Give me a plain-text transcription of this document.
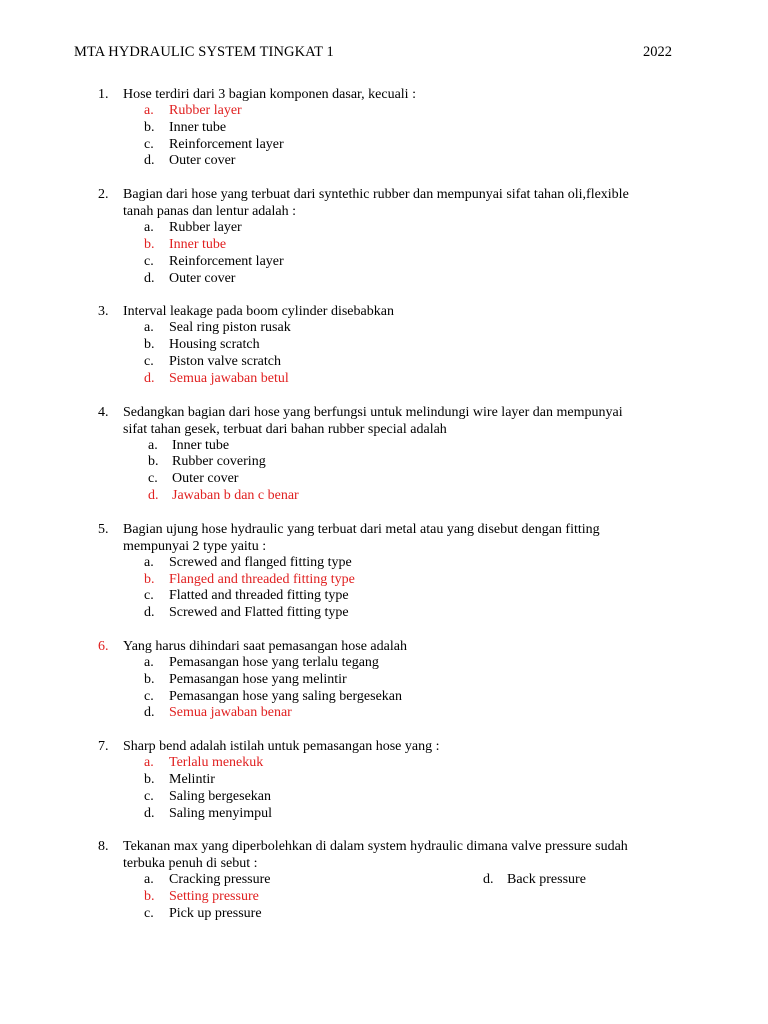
MTA HYDRAULIC SYSTEM TINGKAT 1	2022
1.	Hose terdiri dari 3 bagian komponen dasar, kecuali :
a.	Rubber layer
b.	Inner tube
c.	Reinforcement layer
d.	Outer cover
2.	Bagian dari hose yang terbuat dari syntethic rubber dan mempunyai sifat tahan oli,flexible
tanah panas dan lentur adalah :
a.	Rubber layer
b.	Inner tube
c.	Reinforcement layer
d.	Outer cover
3.	Interval leakage pada boom cylinder disebabkan
a.	Seal ring piston rusak
b.	Housing scratch
c.	Piston valve scratch
d.	Semua jawaban betul
4.	Sedangkan bagian dari hose yang berfungsi untuk melindungi wire layer dan mempunyai
sifat tahan gesek, terbuat dari bahan rubber special adalah
a.	Inner tube
b. Rubber covering
c.	Outer cover
d. Jawaban b dan c benar
5.	Bagian ujung hose hydraulic yang terbuat dari metal atau yang disebut dengan fitting
mempunyai 2 type yaitu :
a.	Screwed and flanged fitting type
b.	Flanged and threaded fitting type
c.	Flatted and threaded fitting type
d.	Screwed and Flatted fitting type
6.	Yang harus dihindari saat pemasangan hose adalah
a.	Pemasangan hose yang terlalu tegang
b.	Pemasangan hose yang melintir
c.	Pemasangan hose yang saling bergesekan
d.	Semua jawaban benar
7.	Sharp bend adalah istilah untuk pemasangan hose yang :
a.	Terlalu menekuk
b.	Melintir
c.	Saling bergesekan
d.	Saling menyimpul
8.	Tekanan max yang diperbolehkan di dalam system hydraulic dimana valve pressure sudah
terbuka penuh di sebut :
a.	Cracking pressure	d. Back pressure
b.	Setting pressure
c.	Pick up pressure
